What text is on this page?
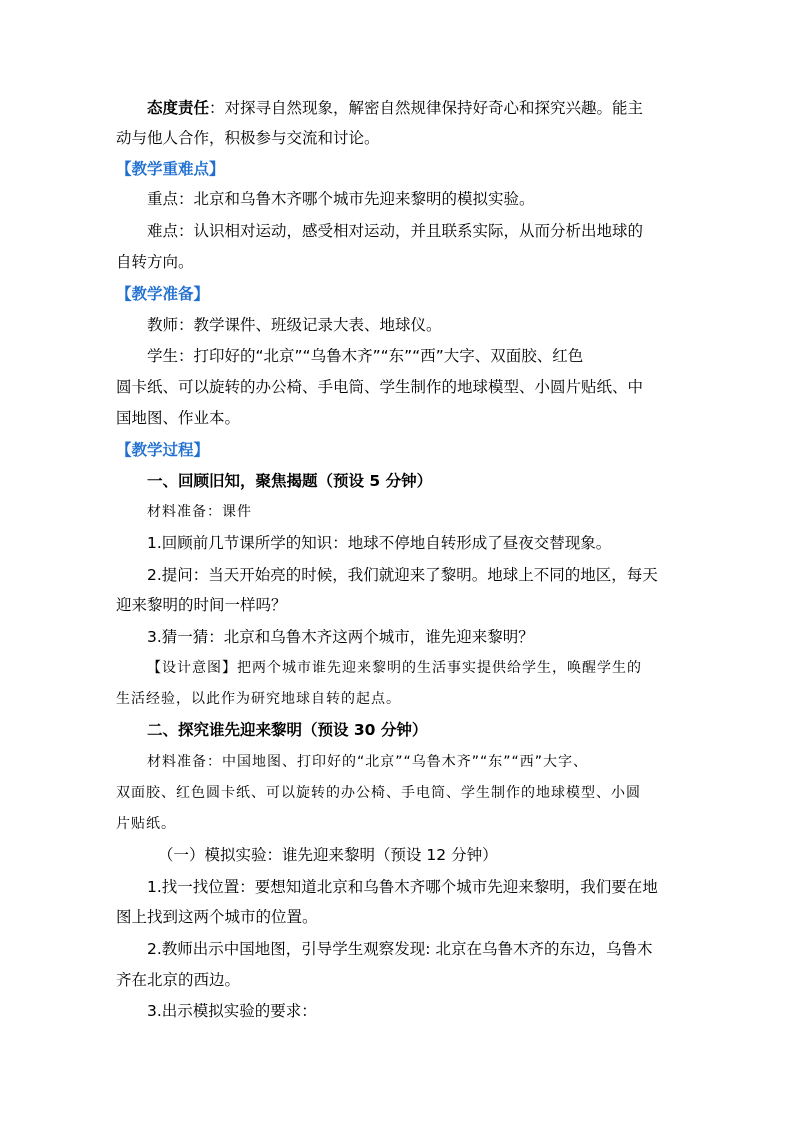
态度责任：对探寻自然现象，解密自然规律保持好奇心和探究兴趣。能主
动与他人合作，积极参与交流和讨论。
【教学重难点】
重点：北京和乌鲁木齐哪个城市先迎来黎明的模拟实验。
难点：认识相对运动，感受相对运动，并且联系实际，从而分析出地球的
自转方向。
【教学准备】
教师：教学课件、班级记录大表、地球仪。
学生：打印好的“北京”“乌鲁木齐”“东”“西”大字、双面胶、红色
圆卡纸、可以旋转的办公椅、手电筒、学生制作的地球模型、小圆片贴纸、中
国地图、作业本。
【教学过程】
一、回顾旧知，聚焦揭题（预设 5 分钟）
材料准备：课件
1.回顾前几节课所学的知识：地球不停地自转形成了昼夜交替现象。
2.提问：当天开始亮的时候，我们就迎来了黎明。地球上不同的地区，每天
迎来黎明的时间一样吗？
3.猜一猜：北京和乌鲁木齐这两个城市，谁先迎来黎明？
【设计意图】把两个城市谁先迎来黎明的生活事实提供给学生，唤醒学生的
生活经验，以此作为研究地球自转的起点。
二、探究谁先迎来黎明（预设 30 分钟）
材料准备：中国地图、打印好的“北京”“乌鲁木齐”“东”“西”大字、
双面胶、红色圆卡纸、可以旋转的办公椅、手电筒、学生制作的地球模型、小圆
片贴纸。
（一）模拟实验：谁先迎来黎明（预设 12 分钟）
1.找一找位置：要想知道北京和乌鲁木齐哪个城市先迎来黎明，我们要在地
图上找到这两个城市的位置。
2.教师出示中国地图，引导学生观察发现: 北京在乌鲁木齐的东边，乌鲁木
齐在北京的西边。
3.出示模拟实验的要求：
